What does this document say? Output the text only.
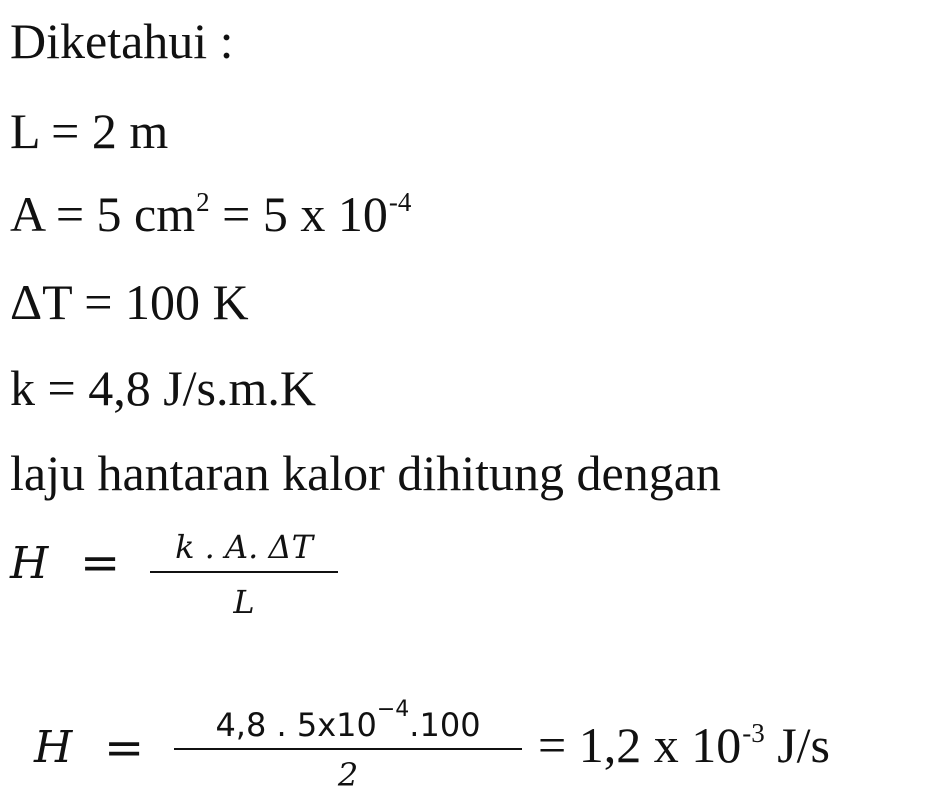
Diketahui :
L = 2 m
A = 5 $cm^2 = 5$ x $10^{-4}$
ΔT = 100 K
k = 4,8 J/s.m.K
laju hantaran kalor dihitung dengan
H =	k . A. ΔT
L
H =	4,8 . $5x10^{-4}.100$
2
= 1,2 x $10^{-3}$ J/s
